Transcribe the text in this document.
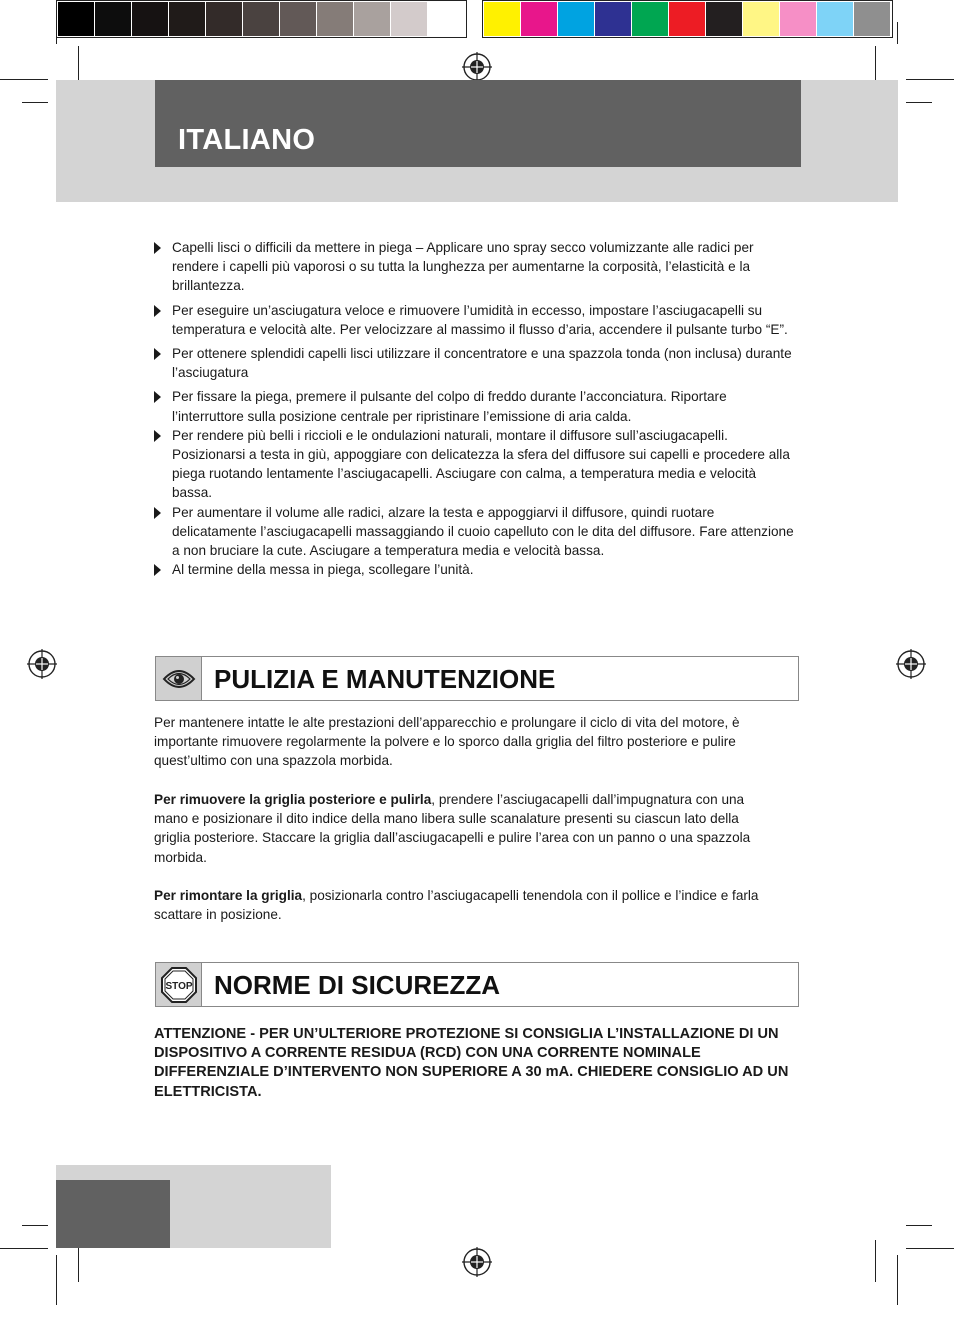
ITALIANO
Capelli lisci o difficili da mettere in piega – Applicare uno spray secco volumizzante alle radici per rendere i capelli più vaporosi o su tutta la lunghezza per aumentarne la corposità, l’elasticità e la brillantezza.
Per eseguire un’asciugatura veloce e rimuovere l’umidità in eccesso, impostare l’asciugacapelli su temperatura e velocità alte. Per velocizzare al massimo il flusso d’aria, accendere il pulsante turbo “E”.
Per ottenere splendidi capelli lisci utilizzare il concentratore e una spazzola tonda (non inclusa) durante l’asciugatura
Per fissare la piega, premere il pulsante del colpo di freddo durante l’acconciatura. Riportare l’interruttore sulla posizione centrale per ripristinare l’emissione di aria calda.
Per rendere più belli i riccioli e le ondulazioni naturali, montare il diffusore sull’asciugacapelli. Posizionarsi a testa in giù, appoggiare con delicatezza la sfera del diffusore sui capelli e procedere alla piega ruotando lentamente l’asciugacapelli. Asciugare con calma, a temperatura media e velocità bassa.
Per aumentare il volume alle radici, alzare la testa e appoggiarvi il diffusore, quindi ruotare delicatamente l’asciugacapelli massaggiando il cuoio capelluto con le dita del diffusore. Fare attenzione a non bruciare la cute. Asciugare a temperatura media e velocità bassa.
Al termine della messa in piega, scollegare l’unità.
PULIZIA E MANUTENZIONE

Per mantenere intatte le alte prestazioni dell’apparecchio e prolungare il ciclo di vita del motore, è importante rimuovere regolarmente la polvere e lo sporco dalla griglia del filtro posteriore e pulire quest’ultimo con una spazzola morbida.

Per rimuovere la griglia posteriore e pulirla, prendere l’asciugacapelli dall’impugnatura con una mano e posizionare il dito indice della mano libera sulle scanalature presenti su ciascun lato della griglia posteriore. Staccare la griglia dall’asciugacapelli e pulire l’area con un panno o una spazzola morbida.

Per rimontare la griglia, posizionarla contro l’asciugacapelli tenendola con il pollice e l’indice e farla scattare in posizione.

STOP NORME DI SICUREZZA

ATTENZIONE - PER UN’ULTERIORE PROTEZIONE SI CONSIGLIA L’INSTALLAZIONE DI UN DISPOSITIVO A CORRENTE RESIDUA (RCD) CON UNA CORRENTE NOMINALE DIFFERENZIALE D’INTERVENTO NON SUPERIORE A 30 mA. CHIEDERE CONSIGLIO AD UN ELETTRICISTA.
